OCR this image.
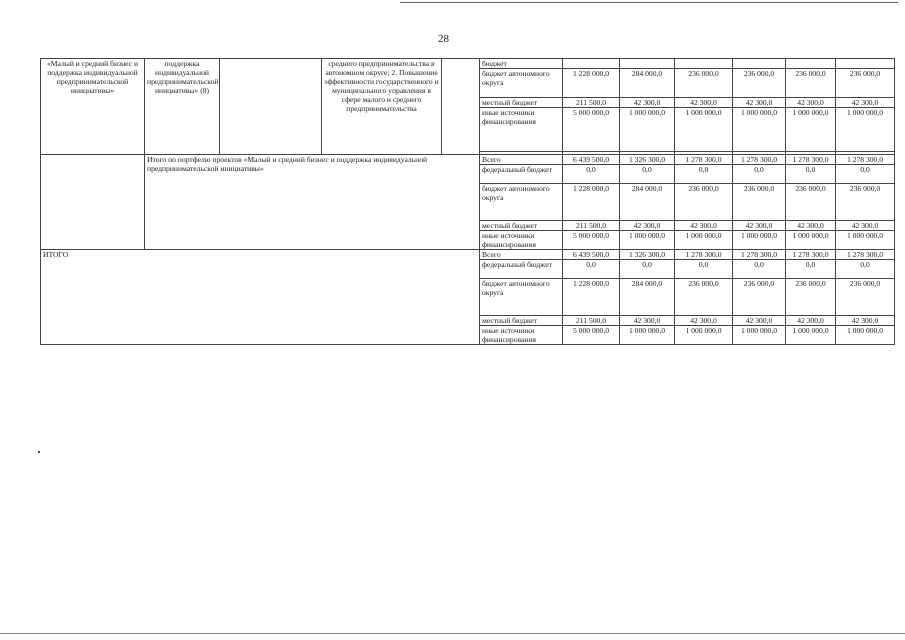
28
«Малый и средний бизнес и поддержка индивидуальной предпринимательской инициативы»	поддержка индивидуальной предпринимательской инициативы» (8)		среднего предпринимательства в автономном округе; 2. Повышение эффективности государственного и муниципального управления в сфере малого и среднего предпринимательства		бюджет						
					бюджет автономного округа	1 228 000,0	284 000,0	236 000,0	236 000,0	236 000,0	236 000,0
					местный бюджет	211 500,0	42 300,0	42 300,0	42 300,0	42 300,0	42 300,0
					иные источники финансирования	5 000 000,0	1 000 000,0	1 000 000,0	1 000 000,0	1 000 000,0	1 000 000,0

	Итого по портфелю проектов «Малый и средний бизнес и поддержка индивидуальной предпринимательской инициативы»				Всего	6 439 500,0	1 326 300,0	1 278 300,0	1 278 300,0	1 278 300,0	1 278 300,0
					федеральный бюджет	0,0	0,0	0,0	0,0	0,0	0,0
					бюджет автономного округа	1 228 000,0	284 000,0	236 000,0	236 000,0	236 000,0	236 000,0
					местный бюджет	211 500,0	42 300,0	42 300,0	42 300,0	42 300,0	42 300,0
					иные источники финансирования	5 000 000,0	1 000 000,0	1 000 000,0	1 000 000,0	1 000 000,0	1 000 000,0
ИТОГО					Всего	6 439 500,0	1 326 300,0	1 278 300,0	1 278 300,0	1 278 300,0	1 278 300,0
					федеральный бюджет	0,0	0,0	0,0	0,0	0,0	0,0
					бюджет автономного округа	1 228 000,0	284 000,0	236 000,0	236 000,0	236 000,0	236 000,0
					местный бюджет	211 500,0	42 300,0	42 300,0	42 300,0	42 300,0	42 300,0
					иные источники финансирования	5 000 000,0	1 000 000,0	1 000 000,0	1 000 000,0	1 000 000,0	1 000 000,0
